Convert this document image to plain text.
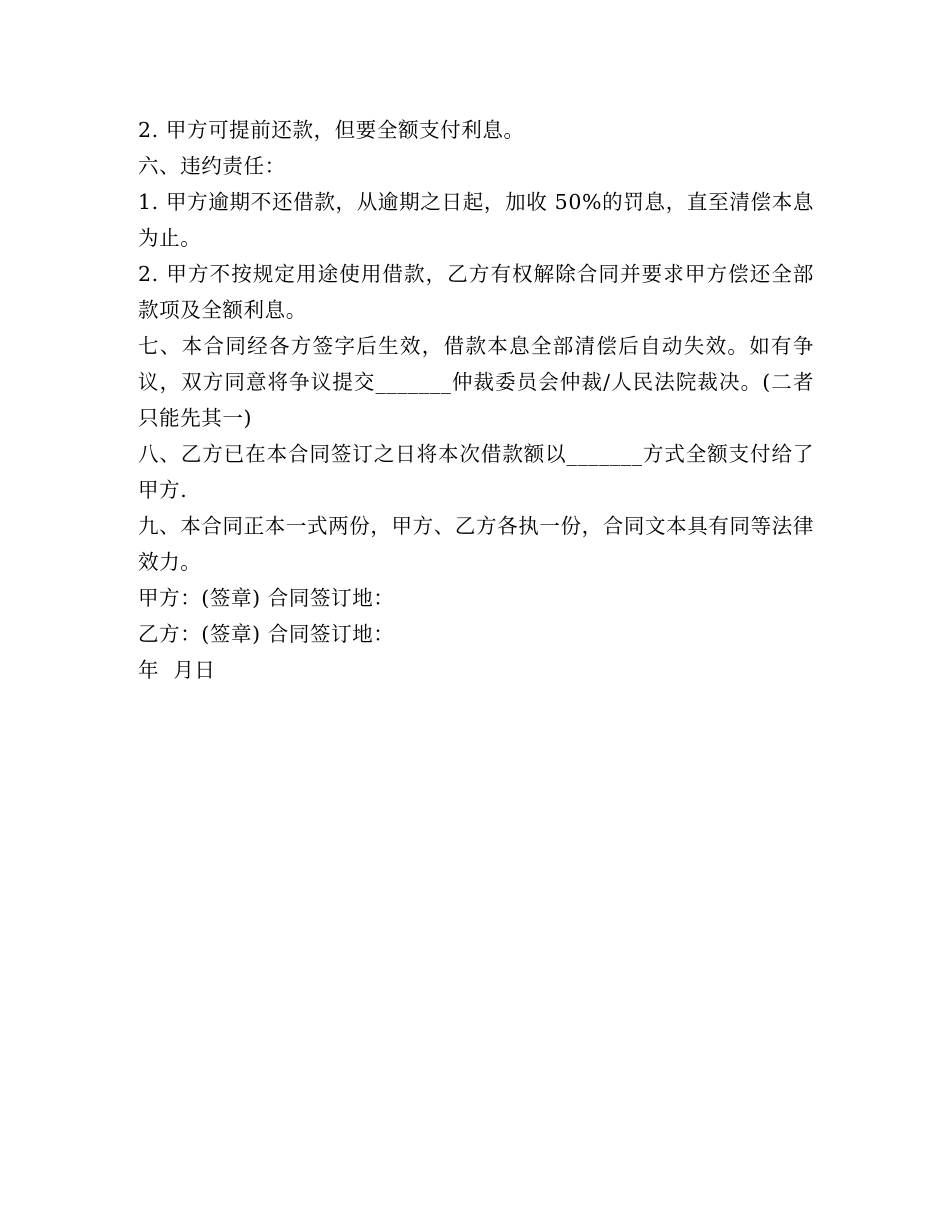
2. 甲方可提前还款，但要全额支付利息。

六、违约责任：

1. 甲方逾期不还借款，从逾期之日起，加收 50%的罚息，直至清偿本息为止。

2. 甲方不按规定用途使用借款，乙方有权解除合同并要求甲方偿还全部款项及全额利息。

七、本合同经各方签字后生效，借款本息全部清偿后自动失效。如有争议，双方同意将争议提交_______仲裁委员会仲裁/人民法院裁决。(二者只能先其一)

八、乙方已在本合同签订之日将本次借款额以_______方式全额支付给了甲方.

九、本合同正本一式两份，甲方、乙方各执一份，合同文本具有同等法律效力。

甲方：(签章) 合同签订地：

乙方：(签章) 合同签订地：

年  月日
